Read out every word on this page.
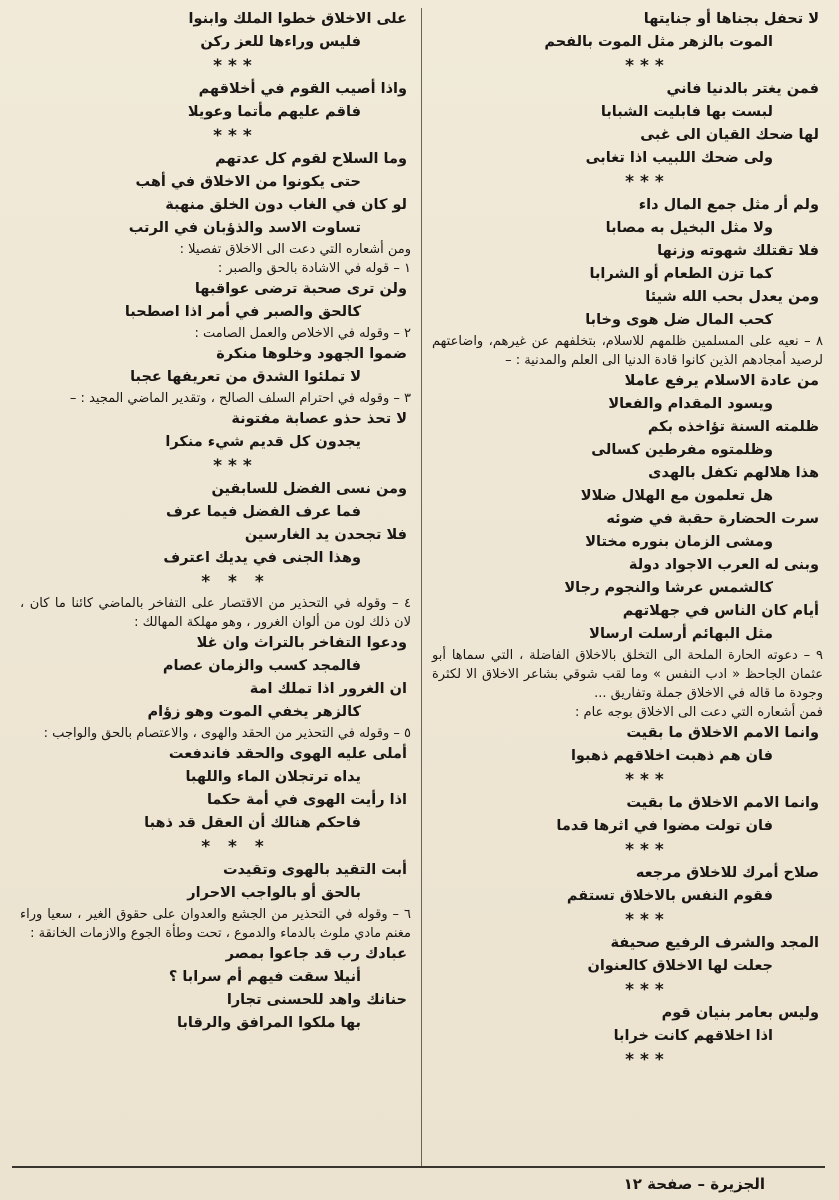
لا تحفل بجناها أو جنايتها
الموت بالزهر مثل الموت بالفحم
***
فمن يغتر بالدنيا فاني
لبست بها فابليت الشبابا
لها ضحك القيان الى غبى
ولى ضحك اللبيب اذا تغابى
***
ولم أر مثل جمع المال داء
ولا مثل البخيل به مصابا
فلا تقتلك شهوته وزنها
كما تزن الطعام أو الشرابا
ومن يعدل بحب الله شيئا
كحب المال ضل هوى وخابا
٨ – نعيه على المسلمين ظلمهم للاسلام، بتخلفهم عن غيرهم، واضاعتهم لرصيد أمجادهم الذين كانوا قادة الدنيا الى العلم والمدنية : –
من عادة الاسلام يرفع عاملا
ويسود المقدام والفعالا
ظلمته السنة تؤاخذه بكم
وظلمتوه مفرطين كسالى
هذا هلالهم تكفل بالهدى
هل تعلمون مع الهلال ضلالا
سرت الحضارة حقبة في ضوئه
ومشى الزمان بنوره مختالا
وبنى له العرب الاجواد دولة
كالشمس عرشا والنجوم رجالا
أيام كان الناس في جهلاتهم
مثل البهائم أرسلت ارسالا
٩ – دعوته الحارة الملحة الى التخلق بالاخلاق الفاضلة ، التي سماها أبو عثمان الجاحظ « ادب النفس » وما لقب شوقي بشاعر الاخلاق الا لكثرة وجودة ما قاله في الاخلاق جملة وتفاريق ...
فمن أشعاره التي دعت الى الاخلاق بوجه عام :
وانما الامم الاخلاق ما بقيت
فان هم ذهبت اخلاقهم ذهبوا
***
وانما الامم الاخلاق ما بقيت
فان تولت مضوا في اثرها قدما
***
صلاح أمرك للاخلاق مرجعه
فقوم النفس بالاخلاق تستقم
***
المجد والشرف الرفيع صحيفة
جعلت لها الاخلاق كالعنوان
***
وليس بعامر بنيان قوم
اذا اخلاقهم كانت خرابا
***
على الاخلاق خطوا الملك وابنوا
فليس وراءها للعز ركن
***
واذا أصيب القوم في أخلاقهم
فاقم عليهم مأتما وعويلا
***
وما السلاح لقوم كل عدتهم
حتى يكونوا من الاخلاق في أهب
لو كان في الغاب دون الخلق منهبة
تساوت الاسد والذؤبان في الرتب
ومن أشعاره التي دعت الى الاخلاق تفصيلا :
١ – قوله في الاشادة بالحق والصبر :
ولن ترى صحبة ترضى عواقبها
كالحق والصبر في أمر اذا اصطحبا
٢ – وقوله في الاخلاص والعمل الصامت :
ضموا الجهود وخلوها منكرة
لا تملئوا الشدق من تعريفها عجبا
٣ – وقوله في احترام السلف الصالح ، وتقدير الماضي المجيد : –
لا تحذ حذو عصابة مفتونة
يجدون كل قديم شيء منكرا
***
ومن نسى الفضل للسابقين
فما عرف الفضل فيما عرف
فلا تجحدن يد الغارسين
وهذا الجنى في يديك اعترف
* * *
٤ – وقوله في التحذير من الاقتصار على التفاخر بالماضي كائنا ما كان ، لان ذلك لون من ألوان الغرور ، وهو مهلكة المهالك :
ودعوا التفاخر بالتراث وان غلا
فالمجد كسب والزمان عصام
ان الغرور اذا تملك امة
كالزهر يخفي الموت وهو زؤام
٥ – وقوله في التحذير من الحقد والهوى ، والاعتصام بالحق والواجب :
أملى عليه الهوى والحقد فاندفعت
يداه ترتجلان الماء واللهبا
اذا رأيت الهوى في أمة حكما
فاحكم هنالك أن العقل قد ذهبا
* * *
أبت التقيد بالهوى وتقيدت
بالحق أو بالواجب الاحرار
٦ – وقوله في التحذير من الجشع والعدوان على حقوق الغير ، سعيا وراء مغنم مادي ملوث بالدماء والدموع ، تحت وطأة الجوع والازمات الخانقة :
عبادك رب قد جاعوا بمصر
أنيلا سقت فيهم أم سرابا ؟
حنانك واهد للحسنى تجارا
بها ملكوا المرافق والرقابا
الجزيرة – صفحة ١٢
